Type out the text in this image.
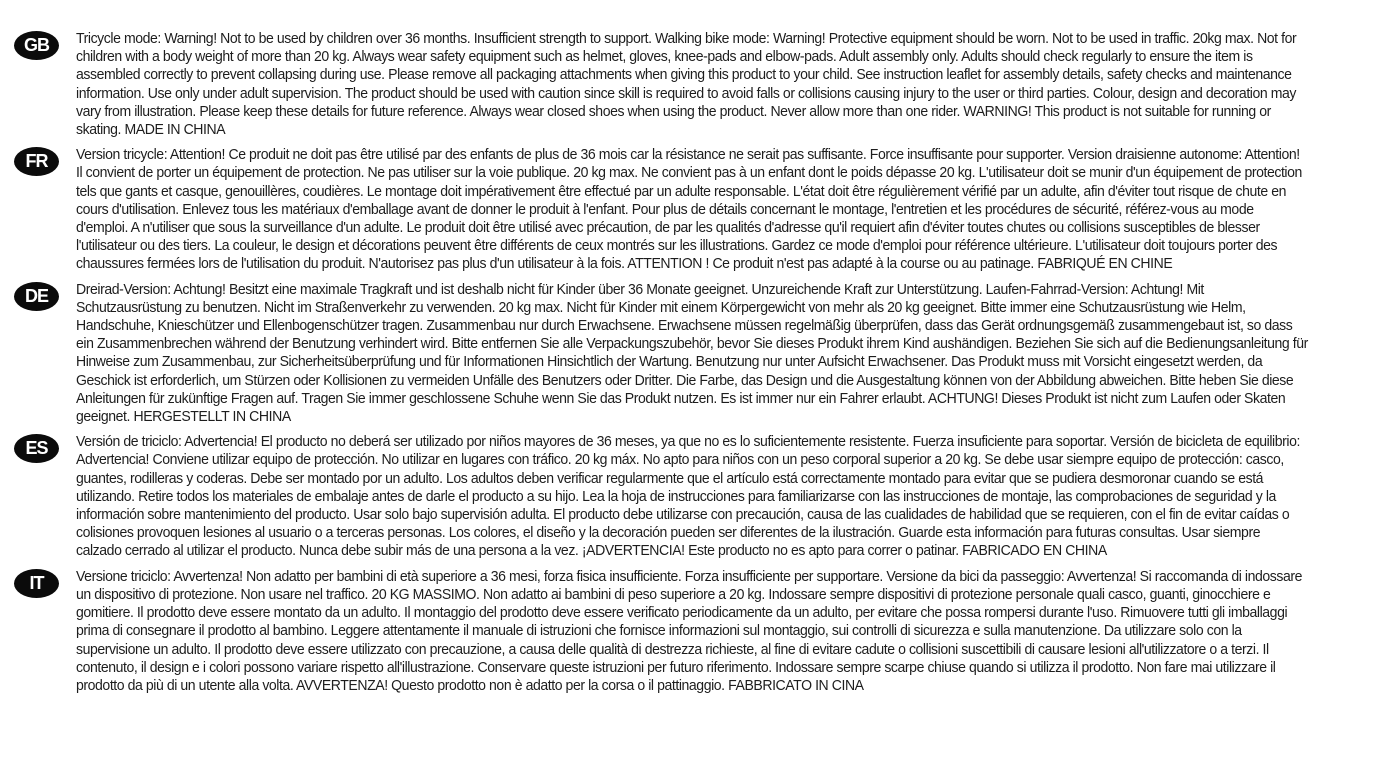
GB	Tricycle mode: Warning! Not to be used by children over 36 months. Insufficient strength to support. Walking bike mode: Warning! Protective equipment should be worn. Not to be used in traffic. 20kg max. Not for children with a body weight of more than 20 kg. Always wear safety equipment such as helmet, gloves, knee-pads and elbow-pads. Adult assembly only. Adults should check regularly to ensure the item is assembled correctly to prevent collapsing during use. Please remove all packaging attachments when giving this product to your child. See instruction leaflet for assembly details, safety checks and maintenance information. Use only under adult supervision. The product should be used with caution since skill is required to avoid falls or collisions causing injury to the user or third parties. Colour, design and decoration may vary from illustration. Please keep these details for future reference. Always wear closed shoes when using the product. Never allow more than one rider. WARNING! This product is not suitable for running or skating. MADE IN CHINA

FR	Version tricycle: Attention! Ce produit ne doit pas être utilisé par des enfants de plus de 36 mois car la résistance ne serait pas suffisante. Force insuffisante pour supporter. Version draisienne autonome: Attention! Il convient de porter un équipement de protection. Ne pas utiliser sur la voie publique. 20 kg max. Ne convient pas à un enfant dont le poids dépasse 20 kg. L'utilisateur doit se munir d'un équipement de protection tels que gants et casque, genouillères, coudières. Le montage doit impérativement être effectué par un adulte responsable. L'état doit être régulièrement vérifié par un adulte, afin d'éviter tout risque de chute en cours d'utilisation. Enlevez tous les matériaux d'emballage avant de donner le produit à l'enfant. Pour plus de détails concernant le montage, l'entretien et les procédures de sécurité, référez-vous au mode d'emploi. A n'utiliser que sous la surveillance d'un adulte. Le produit doit être utilisé avec précaution, de par les qualités d'adresse qu'il requiert afin d'éviter toutes chutes ou collisions susceptibles de blesser l'utilisateur ou des tiers. La couleur, le design et décorations peuvent être différents de ceux montrés sur les illustrations. Gardez ce mode d'emploi pour référence ultérieure. L'utilisateur doit toujours porter des chaussures fermées lors de l'utilisation du produit. N'autorisez pas plus d'un utilisateur à la fois. ATTENTION ! Ce produit n'est pas adapté à la course ou au patinage. FABRIQUÉ EN CHINE

DE	Dreirad-Version: Achtung! Besitzt eine maximale Tragkraft und ist deshalb nicht für Kinder über 36 Monate geeignet. Unzureichende Kraft zur Unterstützung. Laufen-Fahrrad-Version: Achtung! Mit Schutzausrüstung zu benutzen. Nicht im Straßenverkehr zu verwenden. 20 kg max. Nicht für Kinder mit einem Körpergewicht von mehr als 20 kg geeignet. Bitte immer eine Schutzausrüstung wie Helm, Handschuhe, Knieschützer und Ellenbogenschützer tragen. Zusammenbau nur durch Erwachsene. Erwachsene müssen regelmäßig überprüfen, dass das Gerät ordnungsgemäß zusammengebaut ist, so dass ein Zusammenbrechen während der Benutzung verhindert wird. Bitte entfernen Sie alle Verpackungszubehör, bevor Sie dieses Produkt ihrem Kind aushändigen. Beziehen Sie sich auf die Bedienungsanleitung für Hinweise zum Zusammenbau, zur Sicherheitsüberprüfung und für Informationen Hinsichtlich der Wartung. Benutzung nur unter Aufsicht Erwachsener. Das Produkt muss mit Vorsicht eingesetzt werden, da Geschick ist erforderlich, um Stürzen oder Kollisionen zu vermeiden Unfälle des Benutzers oder Dritter. Die Farbe, das Design und die Ausgestaltung können von der Abbildung abweichen. Bitte heben Sie diese Anleitungen für zukünftige Fragen auf. Tragen Sie immer geschlossene Schuhe wenn Sie das Produkt nutzen. Es ist immer nur ein Fahrer erlaubt. ACHTUNG! Dieses Produkt ist nicht zum Laufen oder Skaten geeignet. HERGESTELLT IN CHINA

ES	Versión de triciclo: Advertencia! El producto no deberá ser utilizado por niños mayores de 36 meses, ya que no es lo suficientemente resistente. Fuerza insuficiente para soportar. Versión de bicicleta de equilibrio: Advertencia! Conviene utilizar equipo de protección. No utilizar en lugares con tráfico. 20 kg máx. No apto para niños con un peso corporal superior a 20 kg. Se debe usar siempre equipo de protección: casco, guantes, rodilleras y coderas. Debe ser montado por un adulto. Los adultos deben verificar regularmente que el artículo está correctamente montado para evitar que se pudiera desmoronar cuando se está utilizando. Retire todos los materiales de embalaje antes de darle el producto a su hijo. Lea la hoja de instrucciones para familiarizarse con las instrucciones de montaje, las comprobaciones de seguridad y la información sobre mantenimiento del producto. Usar solo bajo supervisión adulta. El producto debe utilizarse con precaución, causa de las cualidades de habilidad que se requieren, con el fin de evitar caídas o colisiones provoquen lesiones al usuario o a terceras personas. Los colores, el diseño y la decoración pueden ser diferentes de la ilustración. Guarde esta información para futuras consultas. Usar siempre calzado cerrado al utilizar el producto. Nunca debe subir más de una persona a la vez. ¡ADVERTENCIA! Este producto no es apto para correr o patinar. FABRICADO EN CHINA

IT	Versione triciclo: Avvertenza! Non adatto per bambini di età superiore a 36 mesi, forza fisica insufficiente. Forza insufficiente per supportare. Versione da bici da passeggio: Avvertenza! Si raccomanda di indossare un dispositivo di protezione. Non usare nel traffico. 20 KG MASSIMO. Non adatto ai bambini di peso superiore a 20 kg. Indossare sempre dispositivi di protezione personale quali casco, guanti, ginocchiere e gomitiere. Il prodotto deve essere montato da un adulto. Il montaggio del prodotto deve essere verificato periodicamente da un adulto, per evitare che possa rompersi durante l'uso. Rimuovere tutti gli imballaggi prima di consegnare il prodotto al bambino. Leggere attentamente il manuale di istruzioni che fornisce informazioni sul montaggio, sui controlli di sicurezza e sulla manutenzione. Da utilizzare solo con la supervisione un adulto. Il prodotto deve essere utilizzato con precauzione, a causa delle qualità di destrezza richieste, al fine di evitare cadute o collisioni suscettibili di causare lesioni all'utilizzatore o a terzi. Il contenuto, il design e i colori possono variare rispetto all'illustrazione. Conservare queste istruzioni per futuro riferimento. Indossare sempre scarpe chiuse quando si utilizza il prodotto. Non fare mai utilizzare il prodotto da più di un utente alla volta. AVVERTENZA! Questo prodotto non è adatto per la corsa o il pattinaggio. FABBRICATO IN CINA
